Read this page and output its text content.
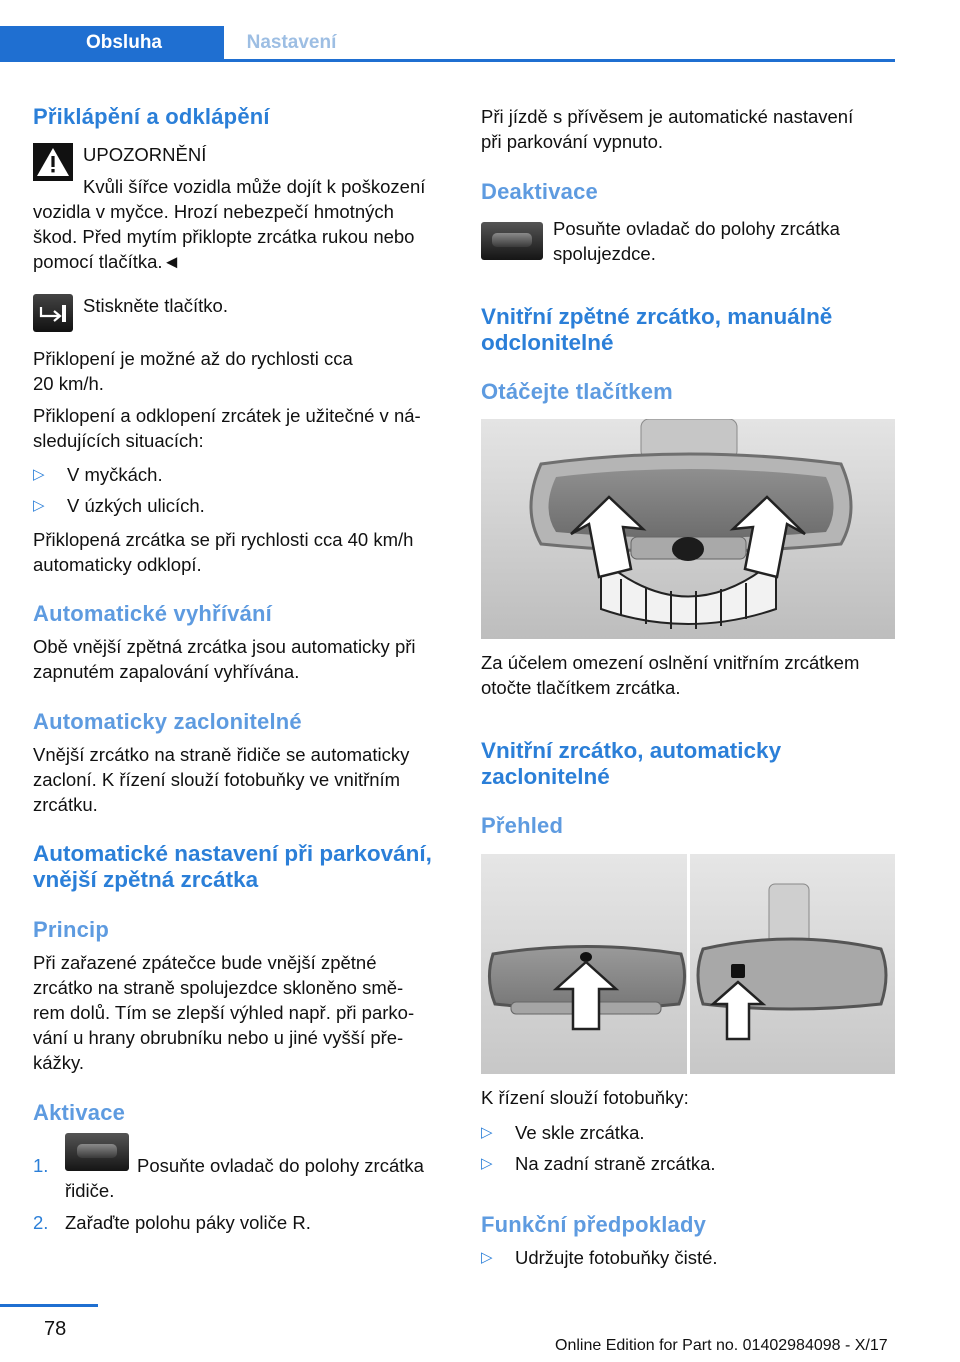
Obsluha	Nastavení
Přiklápění a odklápění
UPOZORNĚNÍ
Kvůli šířce vozidla může dojít k poškození
vozidla v myčce. Hrozí nebezpečí hmotných
škod. Před mytím přiklopte zrcátka rukou nebo
pomocí tlačítka.◄
Stiskněte tlačítko.
Přiklopení je možné až do rychlosti cca
20 km/h.
Přiklopení a odklopení zrcátek je užitečné v ná‐
sledujících situacích:
▷ V myčkách.
▷ V úzkých ulicích.
Přiklopená zrcátka se při rychlosti cca 40 km/h
automaticky odklopí.
Automatické vyhřívání
Obě vnější zpětná zrcátka jsou automaticky při
zapnutém zapalování vyhřívána.
Automaticky zaclonitelné
Vnější zrcátko na straně řidiče se automaticky
zacloní. K řízení slouží fotobuňky ve vnitřním
zrcátku.
Automatické nastavení při parkování,
vnější zpětná zrcátka
Princip
Při zařazené zpátečce bude vnější zpětné
zrcátko na straně spolujezdce skloněno smě‐
rem dolů. Tím se zlepší výhled např. při parko‐
vání u hrany obrubníku nebo u jiné vyšší pře‐
kážky.
Aktivace
1.	Posuňte ovladač do polohy zrcátka
řidiče.
2. Zařaďte polohu páky voliče R.
Při jízdě s přívěsem je automatické nastavení
při parkování vypnuto.
Deaktivace
Posuňte ovladač do polohy zrcátka
spolujezdce.
Vnitřní zpětné zrcátko, manuálně
odclonitelné
Otáčejte tlačítkem
Za účelem omezení oslnění vnitřním zrcátkem
otočte tlačítkem zrcátka.
Vnitřní zrcátko, automaticky
zaclonitelné
Přehled
K řízení slouží fotobuňky:
▷ Ve skle zrcátka.
▷ Na zadní straně zrcátka.
Funkční předpoklady
▷ Udržujte fotobuňky čisté.
78
Online Edition for Part no. 01402984098 - X/17
